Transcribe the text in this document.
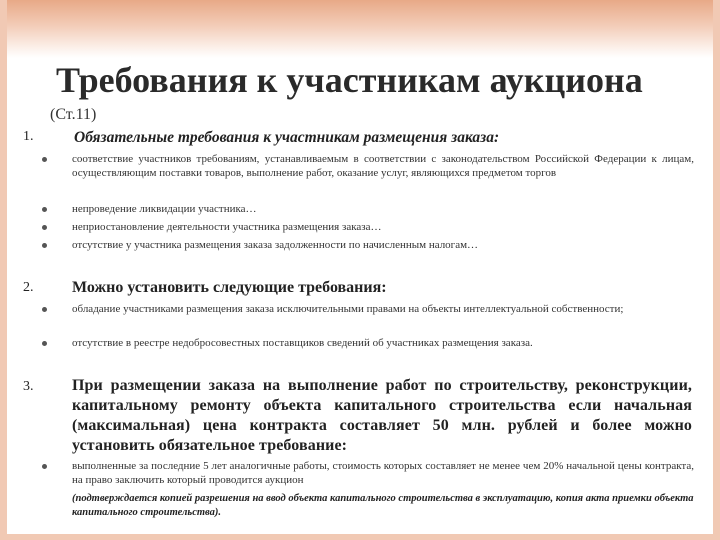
Требования к участникам аукциона
(Ст.11)
1.	Обязательные требования к участникам размещения заказа:
соответствие участников требованиям, устанавливаемым в соответствии с законодательством Российской Федерации к лицам, осуществляющим поставки товаров, выполнение работ, оказание услуг, являющихся предметом торгов
непроведение ликвидации участника…
неприостановление деятельности участника размещения заказа…
отсутствие у участника размещения заказа задолженности по начисленным налогам…
2. Можно установить следующие требования:
обладание участниками размещения заказа исключительными правами на объекты интеллектуальной собственности;
отсутствие в реестре недобросовестных поставщиков сведений об участниках размещения заказа.
3. При размещении заказа на выполнение работ по строительству, реконструкции, капитальному ремонту объекта капитального строительства если начальная (максимальная) цена контракта составляет 50 млн. рублей и более можно установить обязательное требование:
выполненные за последние 5 лет аналогичные работы, стоимость которых составляет не менее чем 20% начальной цены контракта, на право заключить который проводится аукцион
(подтверждается копией разрешения на ввод объекта капитального строительства в эксплуатацию, копия акта приемки объекта капитального строительства).
